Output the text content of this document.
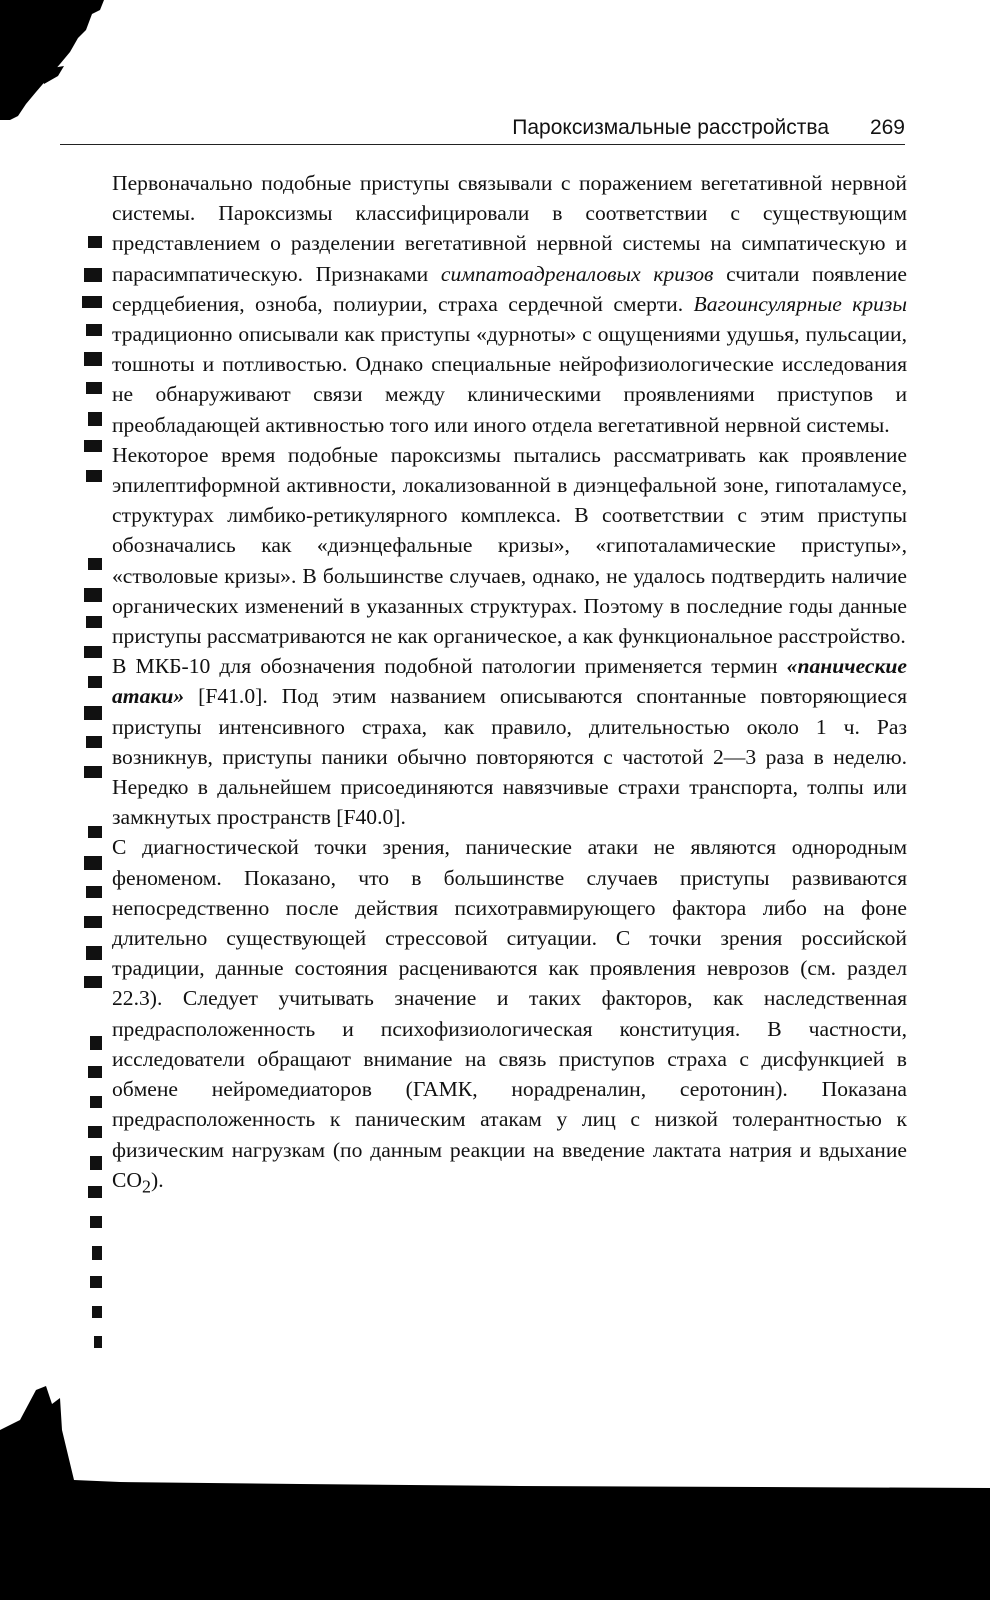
Пароксизмальные расстройства 269

Первоначально подобные приступы связывали с поражением вегетативной нервной системы. Пароксизмы классифицировали в соответствии с существующим представлением о разделении вегетативной нервной системы на симпатическую и парасимпатическую. Признаками симпатоадреналовых кризов считали появление сердцебиения, озноба, полиурии, страха сердечной смерти. Вагоинсулярные кризы традиционно описывали как приступы «дурноты» с ощущениями удушья, пульсации, тошноты и потливостью. Однако специальные нейрофизиологические исследования не обнаруживают связи между клиническими проявлениями приступов и преобладающей активностью того или иного отдела вегетативной нервной системы.

Некоторое время подобные пароксизмы пытались рассматривать как проявление эпилептиформной активности, локализованной в диэнцефальной зоне, гипоталамусе, структурах лимбико-ретикулярного комплекса. В соответствии с этим приступы обозначались как «диэнцефальные кризы», «гипоталамические приступы», «стволовые кризы». В большинстве случаев, однако, не удалось подтвердить наличие органических изменений в указанных структурах. Поэтому в последние годы данные приступы рассматриваются не как органическое, а как функциональное расстройство.

В МКБ-10 для обозначения подобной патологии применяется термин «панические атаки» [F41.0]. Под этим названием описываются спонтанные повторяющиеся приступы интенсивного страха, как правило, длительностью около 1 ч. Раз возникнув, приступы паники обычно повторяются с частотой 2—3 раза в неделю. Нередко в дальнейшем присоединяются навязчивые страхи транспорта, толпы или замкнутых пространств [F40.0].

С диагностической точки зрения, панические атаки не являются однородным феноменом. Показано, что в большинстве случаев приступы развиваются непосредственно после действия психотравмирующего фактора либо на фоне длительно существующей стрессовой ситуации. С точки зрения российской традиции, данные состояния расцениваются как проявления неврозов (см. раздел 22.3). Следует учитывать значение и таких факторов, как наследственная предрасположенность и психофизиологическая конституция. В частности, исследователи обращают внимание на связь приступов страха с дисфункцией в обмене нейромедиаторов (ГАМК, норадреналин, серотонин). Показана предрасположенность к паническим атакам у лиц с низкой толерантностью к физическим нагрузкам (по данным реакции на введение лактата натрия и вдыхание $CO_2$).
